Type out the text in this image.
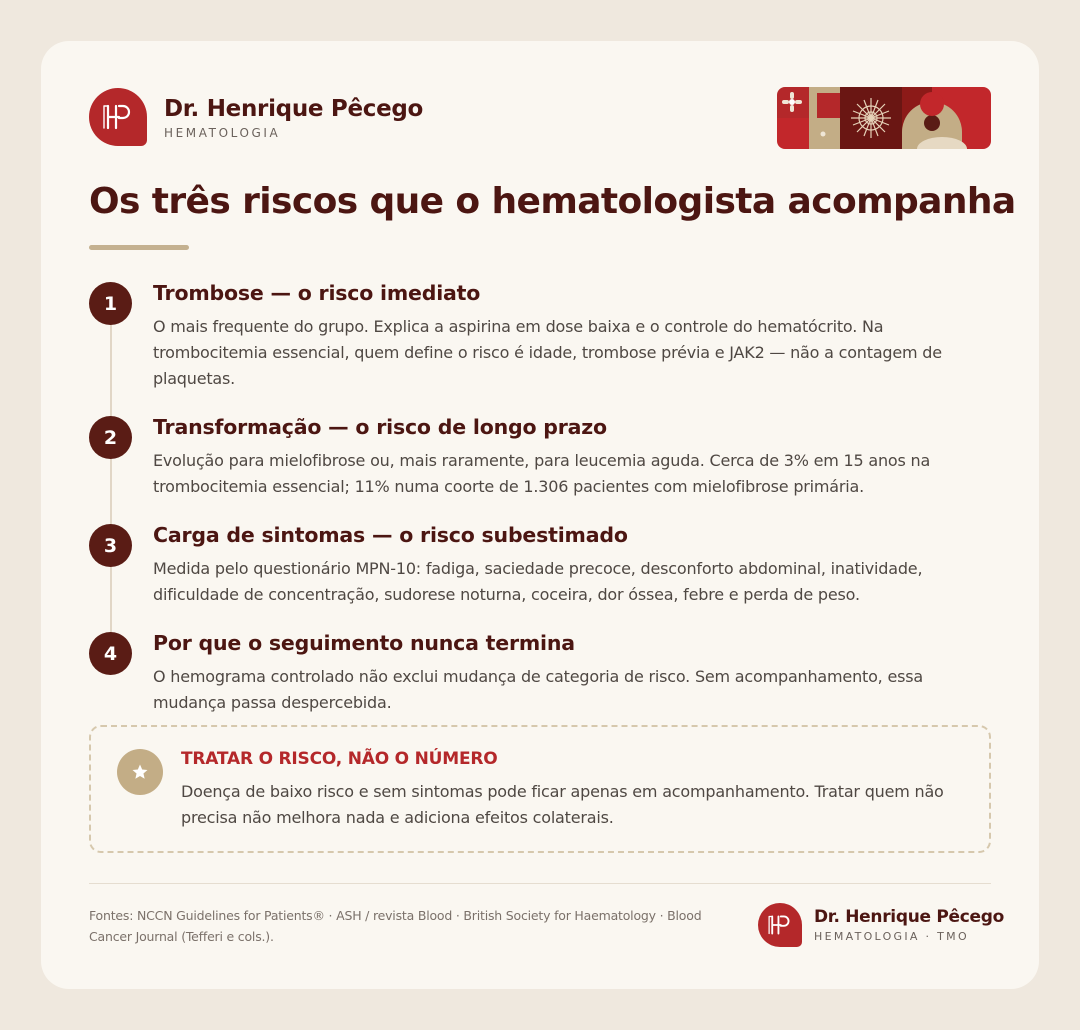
Dr. Henrique Pêcego
HEMATOLOGIA
Os três riscos que o hematologista acompanha
1	Trombose — o risco imediato
O mais frequente do grupo. Explica a aspirina em dose baixa e o controle do hematócrito. Na trombocitemia essencial, quem define o risco é idade, trombose prévia e JAK2 — não a contagem de plaquetas.
2	Transformação — o risco de longo prazo
Evolução para mielofibrose ou, mais raramente, para leucemia aguda. Cerca de 3% em 15 anos na trombocitemia essencial; 11% numa coorte de 1.306 pacientes com mielofibrose primária.
3	Carga de sintomas — o risco subestimado
Medida pelo questionário MPN-10: fadiga, saciedade precoce, desconforto abdominal, inatividade, dificuldade de concentração, sudorese noturna, coceira, dor óssea, febre e perda de peso.
4	Por que o seguimento nunca termina
O hemograma controlado não exclui mudança de categoria de risco. Sem acompanhamento, essa mudança passa despercebida.
TRATAR O RISCO, NÃO O NÚMERO
Doença de baixo risco e sem sintomas pode ficar apenas em acompanhamento. Tratar quem não precisa não melhora nada e adiciona efeitos colaterais.
Fontes: NCCN Guidelines for Patients® · ASH / revista Blood · British Society for Haematology · Blood Cancer Journal (Tefferi e cols.).
Dr. Henrique Pêcego
HEMATOLOGIA · TMO
